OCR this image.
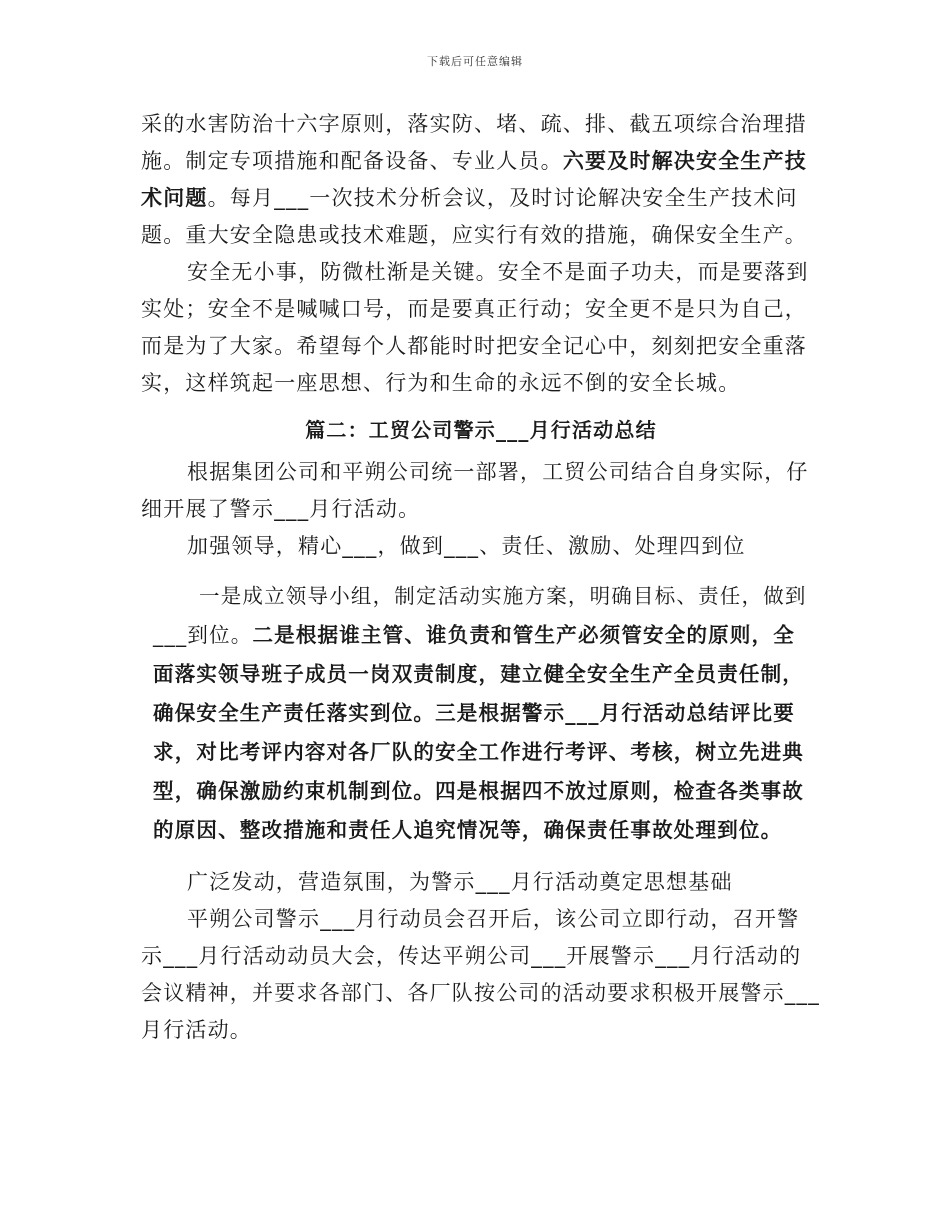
下载后可任意编辑

采的水害防治十六字原则，落实防、堵、疏、排、截五项综合治理措施。制定专项措施和配备设备、专业人员。六要及时解决安全生产技术问题。每月___一次技术分析会议，及时讨论解决安全生产技术问题。重大安全隐患或技术难题，应实行有效的措施，确保安全生产。

安全无小事，防微杜渐是关键。安全不是面子功夫，而是要落到实处；安全不是喊喊口号，而是要真正行动；安全更不是只为自己，而是为了大家。希望每个人都能时时把安全记心中，刻刻把安全重落实，这样筑起一座思想、行为和生命的永远不倒的安全长城。

篇二：工贸公司警示___月行活动总结

根据集团公司和平朔公司统一部署，工贸公司结合自身实际，仔细开展了警示___月行活动。

加强领导，精心___，做到___、责任、激励、处理四到位

一是成立领导小组，制定活动实施方案，明确目标、责任，做到___到位。二是根据谁主管、谁负责和管生产必须管安全的原则，全面落实领导班子成员一岗双责制度，建立健全安全生产全员责任制，确保安全生产责任落实到位。三是根据警示___月行活动总结评比要求，对比考评内容对各厂队的安全工作进行考评、考核，树立先进典型，确保激励约束机制到位。四是根据四不放过原则，检查各类事故的原因、整改措施和责任人追究情况等，确保责任事故处理到位。

广泛发动，营造氛围，为警示___月行活动奠定思想基础

平朔公司警示___月行动员会召开后，该公司立即行动，召开警示___月行活动动员大会，传达平朔公司___开展警示___月行活动的会议精神，并要求各部门、各厂队按公司的活动要求积极开展警示___月行活动。
